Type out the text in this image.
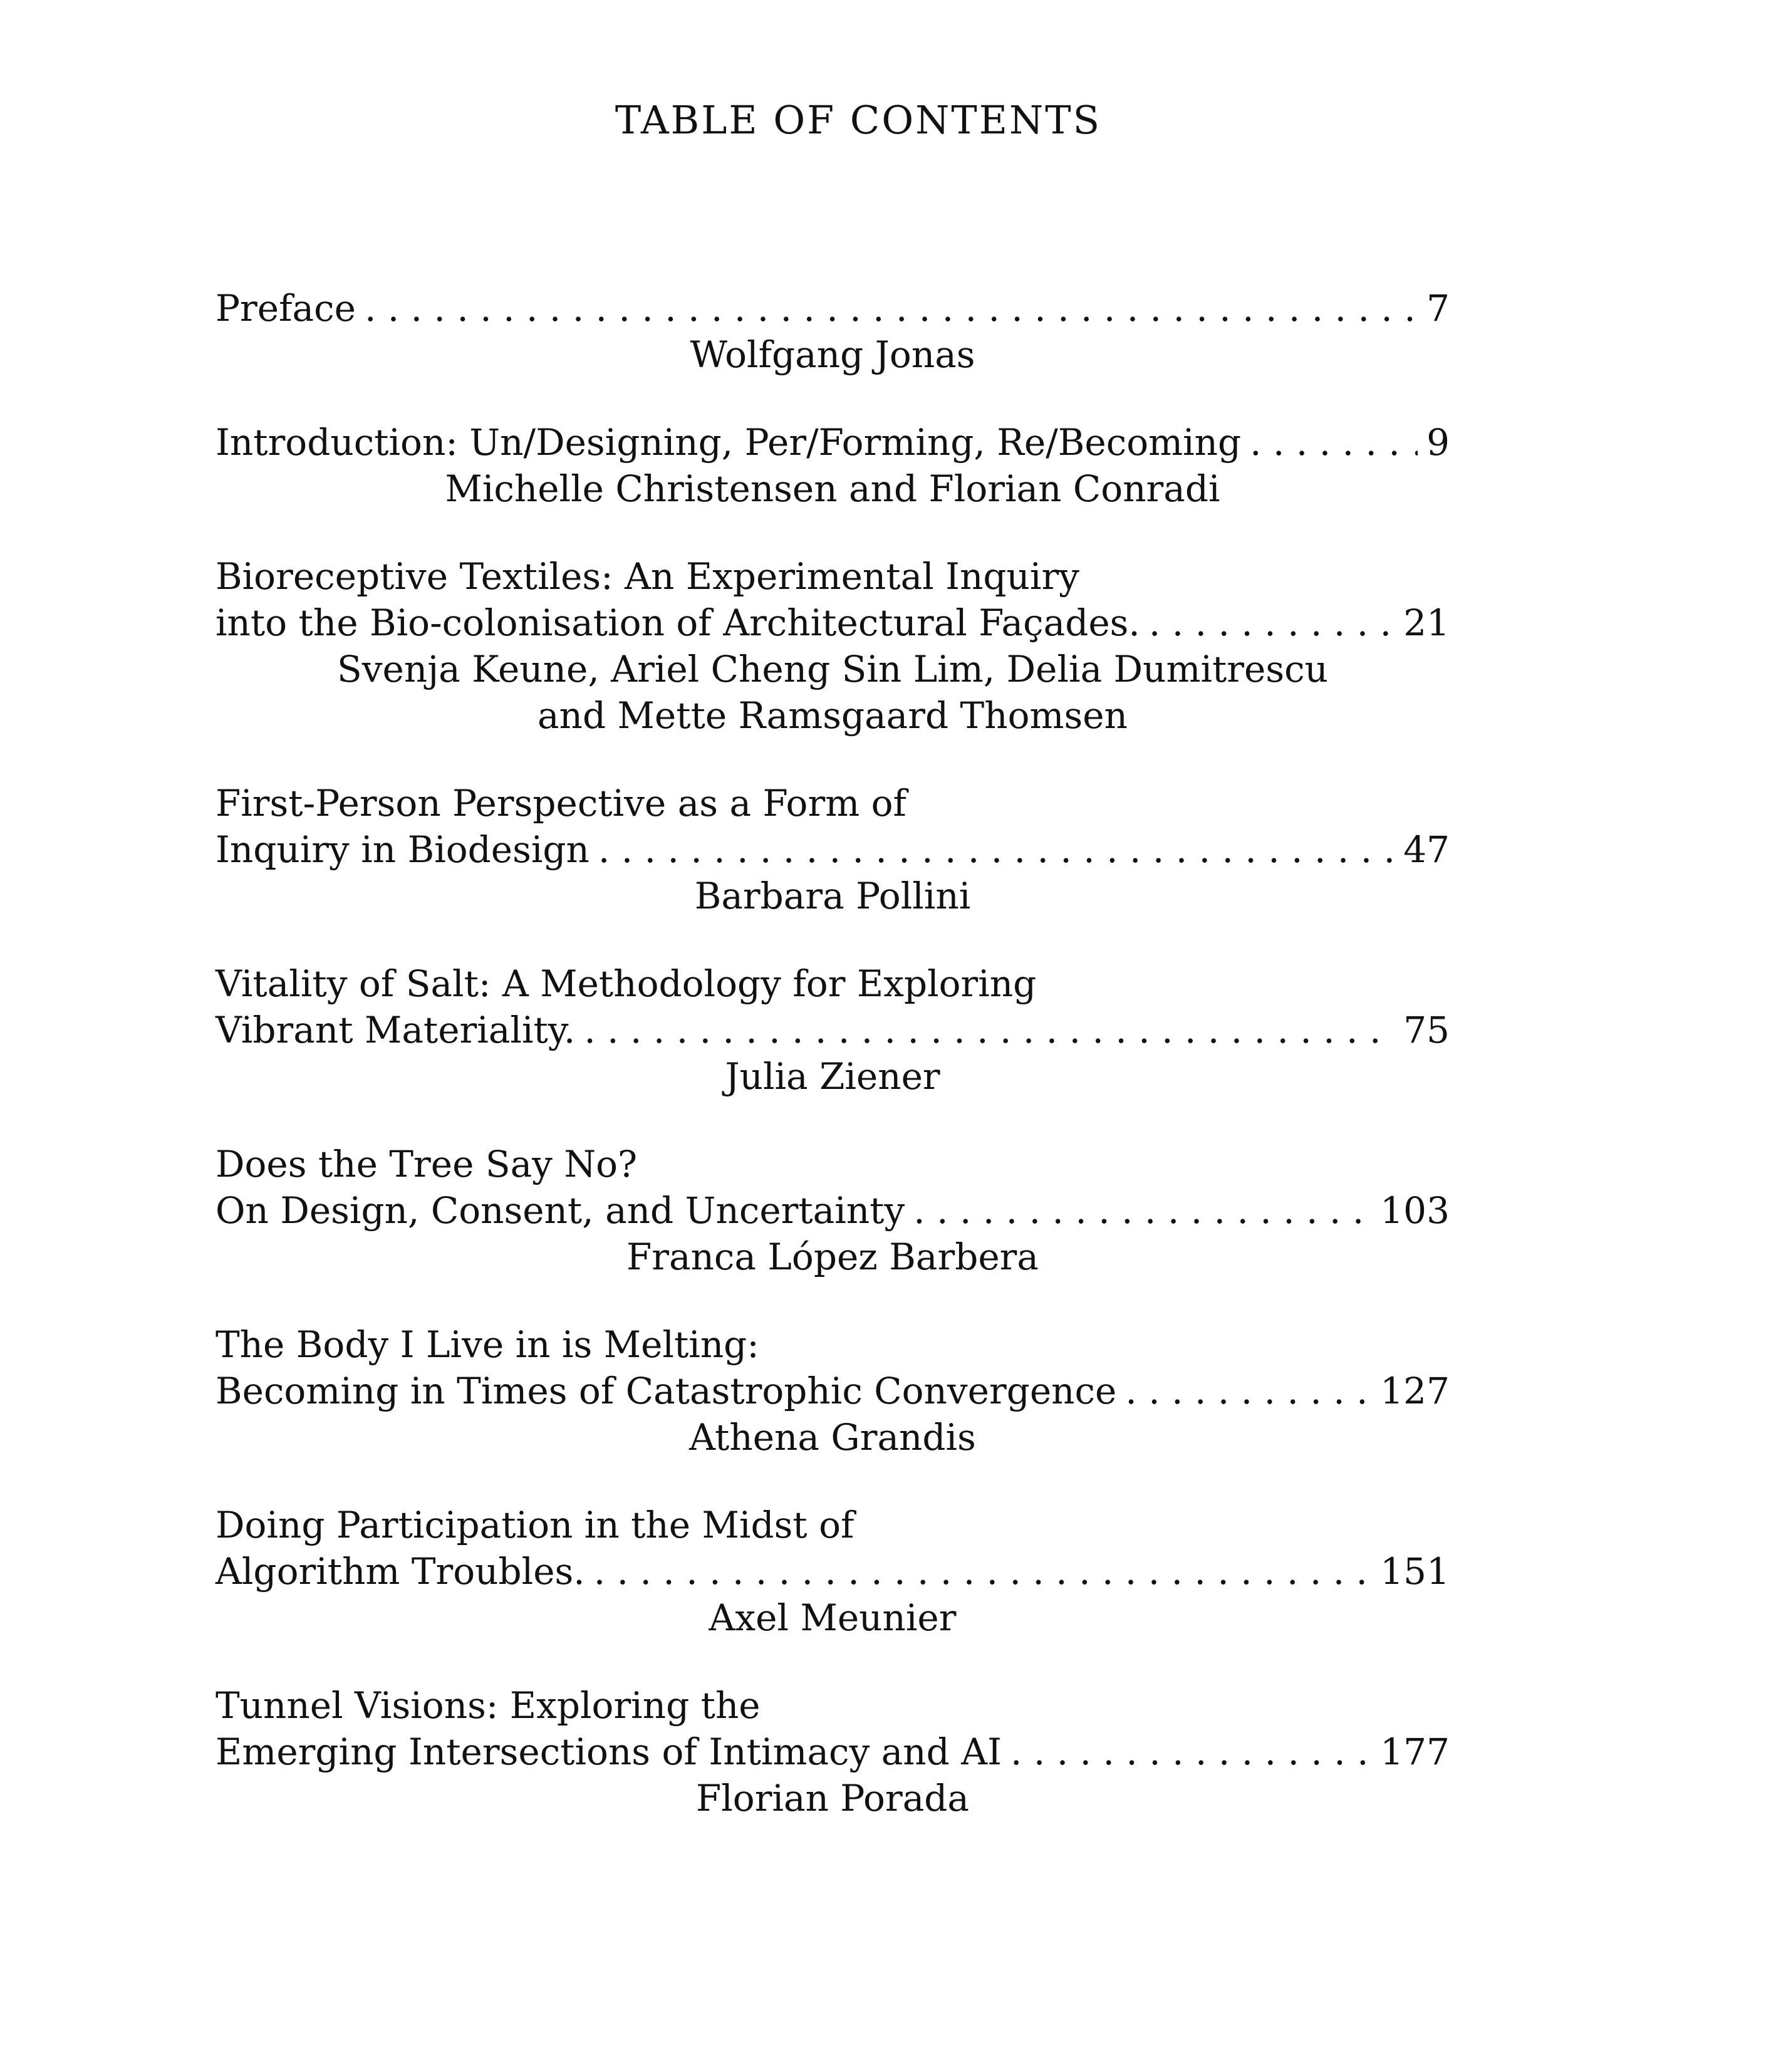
TABLE OF CONTENTS
Preface . . .	7
Wolfgang Jonas
Introduction: Un/Designing, Per/Forming, Re/Becoming . . .	9
Michelle Christensen and Florian Conradi
Bioreceptive Textiles: An Experimental Inquiry
into the Bio-colonisation of Architectural Façades. . . .	21
Svenja Keune, Ariel Cheng Sin Lim, Delia Dumitrescu
and Mette Ramsgaard Thomsen
First-Person Perspective as a Form of
Inquiry in Biodesign . . .	47
Barbara Pollini
Vitality of Salt: A Methodology for Exploring
Vibrant Materiality. . . .	75
Julia Ziener
Does the Tree Say No?
On Design, Consent, and Uncertainty . . .	103
Franca López Barbera
The Body I Live in is Melting:
Becoming in Times of Catastrophic Convergence . . .	127
Athena Grandis
Doing Participation in the Midst of
Algorithm Troubles. . . .	151
Axel Meunier
Tunnel Visions: Exploring the
Emerging Intersections of Intimacy and AI . . .	177
Florian Porada
